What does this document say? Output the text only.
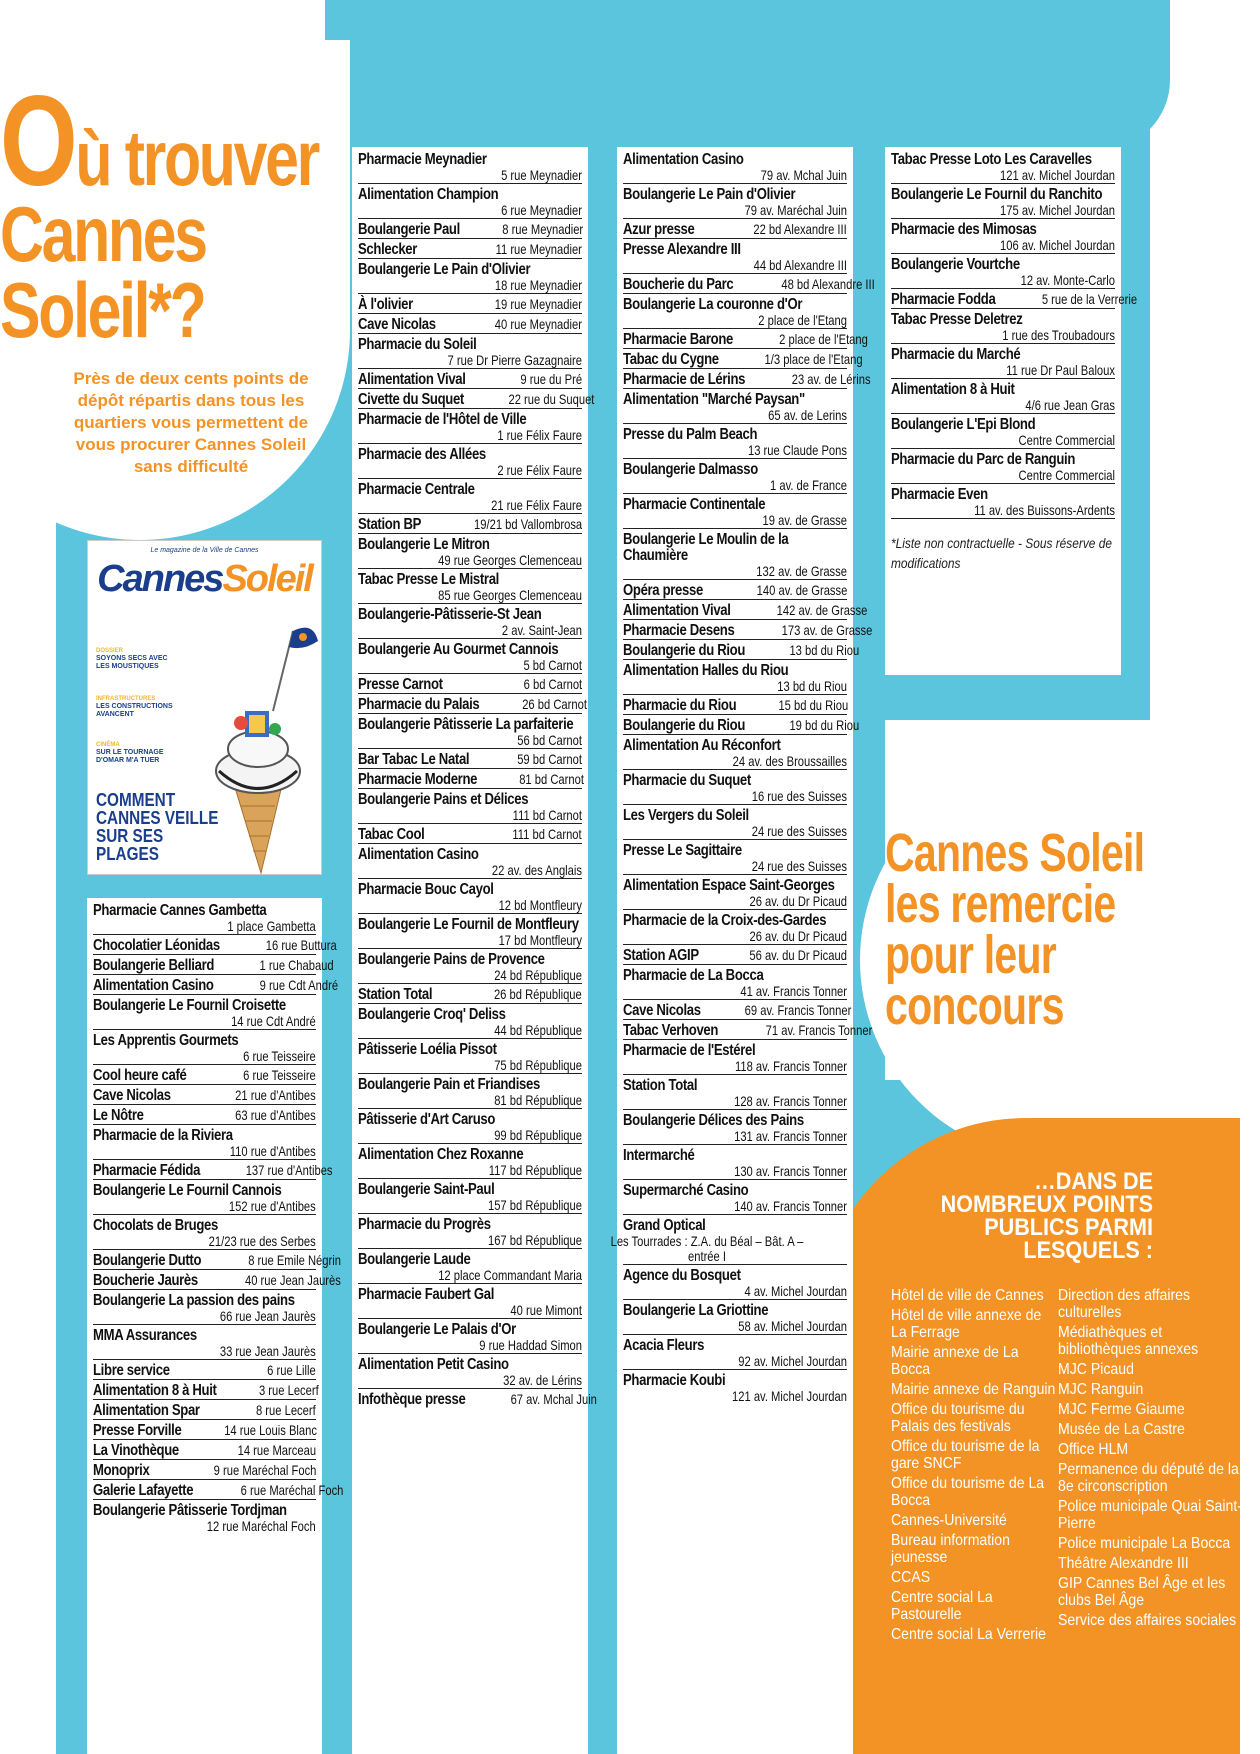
Où trouver
Cannes
Soleil*?

Près de deux cents points de dépôt répartis dans tous les quartiers vous permettent de vous procurer Cannes Soleil sans difficulté

Le magazine de la Ville de Cannes
Cannes Soleil
DOSSIER
SOYONS SECS AVEC LES MOUSTIQUES
INFRASTRUCTURES
LES CONSTRUCTIONS AVANCENT
CINÉMA
SUR LE TOURNAGE D'OMAR M'A TUER
COMMENT CANNES VEILLE SUR SES PLAGES
Pharmacie Cannes Gambetta
1 place Gambetta
Chocolatier Léonidas	16 rue Buttura
Boulangerie Belliard	1 rue Chabaud
Alimentation Casino	9 rue Cdt André
Boulangerie Le Fournil Croisette
14 rue Cdt André
Les Apprentis Gourmets
6 rue Teisseire
Cool heure café	6 rue Teisseire
Cave Nicolas	21 rue d'Antibes
Le Nôtre	63 rue d'Antibes
Pharmacie de la Riviera
110 rue d'Antibes
Pharmacie Fédida	137 rue d'Antibes
Boulangerie Le Fournil Cannois
152 rue d'Antibes
Chocolats de Bruges
21/23 rue des Serbes
Boulangerie Dutto	8 rue Emile Négrin
Boucherie Jaurès	40 rue Jean Jaurès
Boulangerie La passion des pains
66 rue Jean Jaurès
MMA Assurances
33 rue Jean Jaurès
Libre service	6 rue Lille
Alimentation 8 à Huit	3 rue Lecerf
Alimentation Spar	8 rue Lecerf
Presse Forville	14 rue Louis Blanc
La Vinothèque	14 rue Marceau
Monoprix	9 rue Maréchal Foch
Galerie Lafayette	6 rue Maréchal Foch
Boulangerie Pâtisserie Tordjman
12 rue Maréchal Foch
Pharmacie Meynadier
5 rue Meynadier
Alimentation Champion
6 rue Meynadier
Boulangerie Paul	8 rue Meynadier
Schlecker	11 rue Meynadier
Boulangerie Le Pain d'Olivier
18 rue Meynadier
À l'olivier	19 rue Meynadier
Cave Nicolas	40 rue Meynadier
Pharmacie du Soleil
7 rue Dr Pierre Gazagnaire
Alimentation Vival	9 rue du Pré
Civette du Suquet	22 rue du Suquet
Pharmacie de l'Hôtel de Ville
1 rue Félix Faure
Pharmacie des Allées
2 rue Félix Faure
Pharmacie Centrale
21 rue Félix Faure
Station BP	19/21 bd Vallombrosa
Boulangerie Le Mitron
49 rue Georges Clemenceau
Tabac Presse Le Mistral
85 rue Georges Clemenceau
Boulangerie-Pâtisserie-St Jean
2 av. Saint-Jean
Boulangerie Au Gourmet Cannois
5 bd Carnot
Presse Carnot	6 bd Carnot
Pharmacie du Palais	26 bd Carnot
Boulangerie Pâtisserie La parfaiterie
56 bd Carnot
Bar Tabac Le Natal	59 bd Carnot
Pharmacie Moderne	81 bd Carnot
Boulangerie Pains et Délices
111 bd Carnot
Tabac Cool	111 bd Carnot
Alimentation Casino
22 av. des Anglais
Pharmacie Bouc Cayol
12 bd Montfleury
Boulangerie Le Fournil de Montfleury
17 bd Montfleury
Boulangerie Pains de Provence
24 bd République
Station Total	26 bd République
Boulangerie Croq' Deliss
44 bd République
Pâtisserie Loélia Pissot
75 bd République
Boulangerie Pain et Friandises
81 bd République
Pâtisserie d'Art Caruso
99 bd République
Alimentation Chez Roxanne
117 bd République
Boulangerie Saint-Paul
157 bd République
Pharmacie du Progrès
167 bd République
Boulangerie Laude
12 place Commandant Maria
Pharmacie Faubert Gal
40 rue Mimont
Boulangerie Le Palais d'Or
9 rue Haddad Simon
Alimentation Petit Casino
32 av. de Lérins
Infothèque presse	67 av. Mchal Juin
Alimentation Casino
79 av. Mchal Juin
Boulangerie Le Pain d'Olivier
79 av. Maréchal Juin
Azur presse	22 bd Alexandre III
Presse Alexandre III
44 bd Alexandre III
Boucherie du Parc	48 bd Alexandre III
Boulangerie La couronne d'Or
2 place de l'Etang
Pharmacie Barone	2 place de l'Etang
Tabac du Cygne	1/3 place de l'Etang
Pharmacie de Lérins	23 av. de Lérins
Alimentation "Marché Paysan"
65 av. de Lerins
Presse du Palm Beach
13 rue Claude Pons
Boulangerie Dalmasso
1 av. de France
Pharmacie Continentale
19 av. de Grasse
Boulangerie Le Moulin de la Chaumière
132 av. de Grasse
Opéra presse	140 av. de Grasse
Alimentation Vival	142 av. de Grasse
Pharmacie Desens	173 av. de Grasse
Boulangerie du Riou	13 bd du Riou
Alimentation Halles du Riou
13 bd du Riou
Pharmacie du Riou	15 bd du Riou
Boulangerie du Riou	19 bd du Riou
Alimentation Au Réconfort
24 av. des Broussailles
Pharmacie du Suquet
16 rue des Suisses
Les Vergers du Soleil
24 rue des Suisses
Presse Le Sagittaire
24 rue des Suisses
Alimentation Espace Saint-Georges
26 av. du Dr Picaud
Pharmacie de la Croix-des-Gardes
26 av. du Dr Picaud
Station AGIP	56 av. du Dr Picaud
Pharmacie de La Bocca
41 av. Francis Tonner
Cave Nicolas	69 av. Francis Tonner
Tabac Verhoven	71 av. Francis Tonner
Pharmacie de l'Estérel
118 av. Francis Tonner
Station Total
128 av. Francis Tonner
Boulangerie Délices des Pains
131 av. Francis Tonner
Intermarché
130 av. Francis Tonner
Supermarché Casino
140 av. Francis Tonner
Grand Optical
Les Tourrades : Z.A. du Béal – Bât. A – entrée I
Agence du Bosquet
4 av. Michel Jourdan
Boulangerie La Griottine
58 av. Michel Jourdan
Acacia Fleurs
92 av. Michel Jourdan
Pharmacie Koubi
121 av. Michel Jourdan
Tabac Presse Loto Les Caravelles
121 av. Michel Jourdan
Boulangerie Le Fournil du Ranchito
175 av. Michel Jourdan
Pharmacie des Mimosas
106 av. Michel Jourdan
Boulangerie Vourtche
12 av. Monte-Carlo
Pharmacie Fodda	5 rue de la Verrerie
Tabac Presse Deletrez
1 rue des Troubadours
Pharmacie du Marché
11 rue Dr Paul Baloux
Alimentation 8 à Huit
4/6 rue Jean Gras
Boulangerie L'Epi Blond
Centre Commercial
Pharmacie du Parc de Ranguin
Centre Commercial
Pharmacie Even
11 av. des Buissons-Ardents

*Liste non contractuelle - Sous réserve de modifications

Cannes Soleil
les remercie
pour leur
concours
…DANS DE NOMBREUX POINTS PUBLICS PARMI LESQUELS :
Hôtel de ville de Cannes
Hôtel de ville annexe de La Ferrage
Mairie annexe de La Bocca
Mairie annexe de Ranguin
Office du tourisme du Palais des festivals
Office du tourisme de la gare SNCF
Office du tourisme de La Bocca
Cannes-Université
Bureau information jeunesse
CCAS
Centre social La Pastourelle
Centre social La Verrerie
Direction des affaires culturelles
Médiathèques et bibliothèques annexes
MJC Picaud
MJC Ranguin
MJC Ferme Giaume
Musée de La Castre
Office HLM
Permanence du député de la 8e circonscription
Police municipale Quai Saint-Pierre
Police municipale La Bocca
Théâtre Alexandre III
GIP Cannes Bel Âge et les clubs Bel Âge
Service des affaires sociales
